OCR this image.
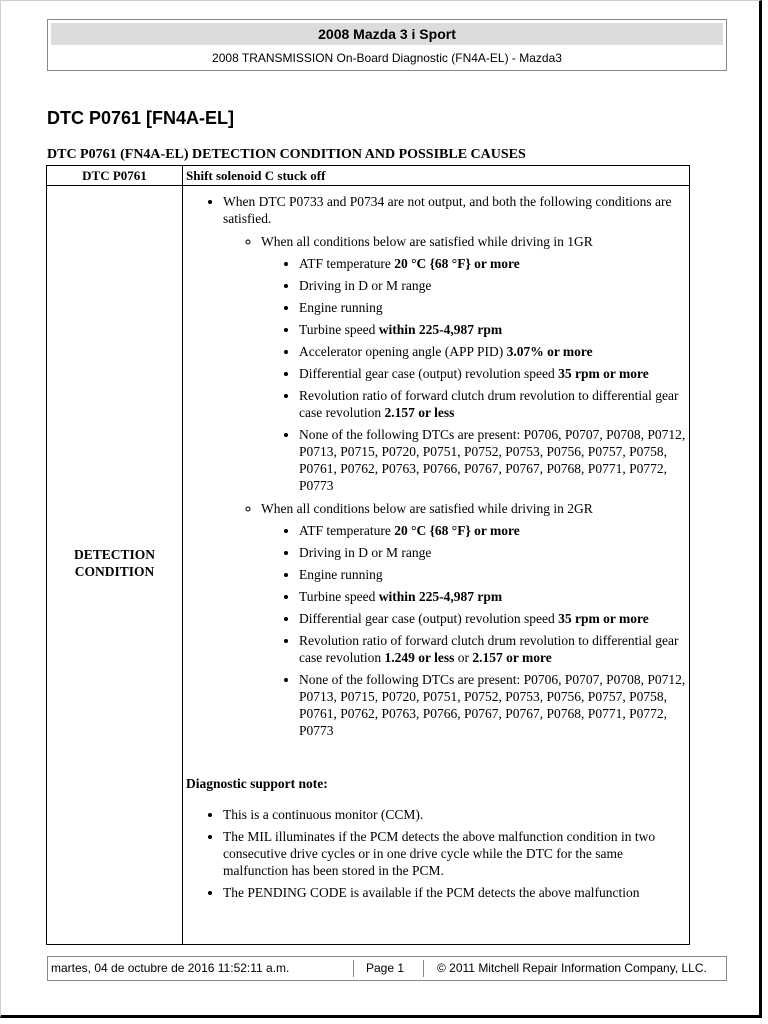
2008 Mazda 3 i Sport
2008 TRANSMISSION On-Board Diagnostic (FN4A-EL) - Mazda3
DTC P0761 [FN4A-EL]
DTC P0761 (FN4A-EL) DETECTION CONDITION AND POSSIBLE CAUSES
DTC P0761	Shift solenoid C stuck off
DETECTION CONDITION
• When DTC P0733 and P0734 are not output, and both the following conditions are satisfied.
◦ When all conditions below are satisfied while driving in 1GR
• ATF temperature 20 °C {68 °F} or more
• Driving in D or M range
• Engine running
• Turbine speed within 225-4,987 rpm
• Accelerator opening angle (APP PID) 3.07% or more
• Differential gear case (output) revolution speed 35 rpm or more
• Revolution ratio of forward clutch drum revolution to differential gear case revolution 2.157 or less
• None of the following DTCs are present: P0706, P0707, P0708, P0712, P0713, P0715, P0720, P0751, P0752, P0753, P0756, P0757, P0758, P0761, P0762, P0763, P0766, P0767, P0767, P0768, P0771, P0772, P0773
◦ When all conditions below are satisfied while driving in 2GR
• ATF temperature 20 °C {68 °F} or more
• Driving in D or M range
• Engine running
• Turbine speed within 225-4,987 rpm
• Differential gear case (output) revolution speed 35 rpm or more
• Revolution ratio of forward clutch drum revolution to differential gear case revolution 1.249 or less or 2.157 or more
• None of the following DTCs are present: P0706, P0707, P0708, P0712, P0713, P0715, P0720, P0751, P0752, P0753, P0756, P0757, P0758, P0761, P0762, P0763, P0766, P0767, P0767, P0768, P0771, P0772, P0773

Diagnostic support note:

• This is a continuous monitor (CCM).
• The MIL illuminates if the PCM detects the above malfunction condition in two consecutive drive cycles or in one drive cycle while the DTC for the same malfunction has been stored in the PCM.
• The PENDING CODE is available if the PCM detects the above malfunction
martes, 04 de octubre de 2016 11:52:11 a.m.	Page 1	© 2011 Mitchell Repair Information Company, LLC.
